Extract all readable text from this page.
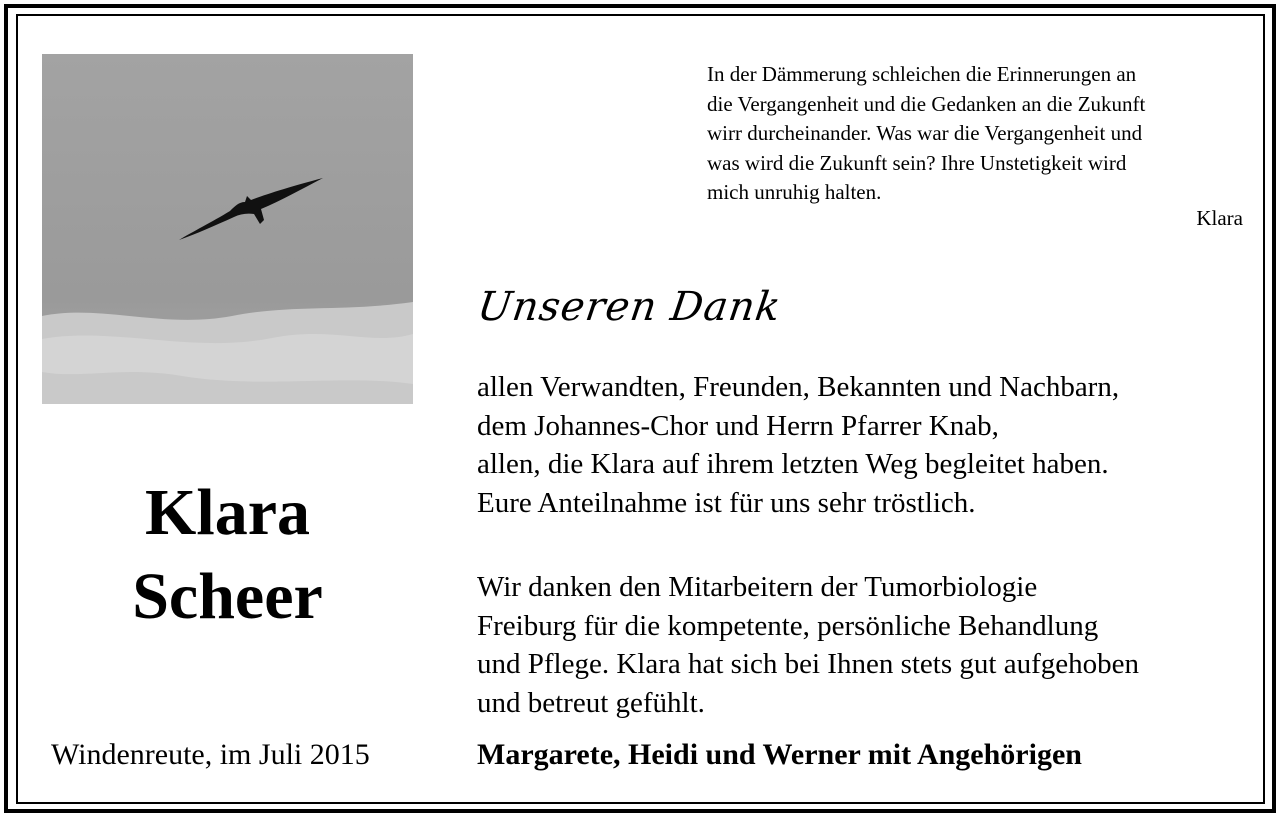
In der Dämmerung schleichen die Erinnerungen an
die Vergangenheit und die Gedanken an die Zukunft
wirr durcheinander. Was war die Vergangenheit und
was wird die Zukunft sein? Ihre Unstetigkeit wird
mich unruhig halten.
Klara
Unseren Dank
allen Verwandten, Freunden, Bekannten und Nachbarn,
dem Johannes-Chor und Herrn Pfarrer Knab,
allen, die Klara auf ihrem letzten Weg begleitet haben.
Eure Anteilnahme ist für uns sehr tröstlich.
Wir danken den Mitarbeitern der Tumorbiologie
Freiburg für die kompetente, persönliche Behandlung
und Pflege. Klara hat sich bei Ihnen stets gut aufgehoben
und betreut gefühlt.
Klara
Scheer
Windenreute, im Juli 2015	Margarete, Heidi und Werner mit Angehörigen
